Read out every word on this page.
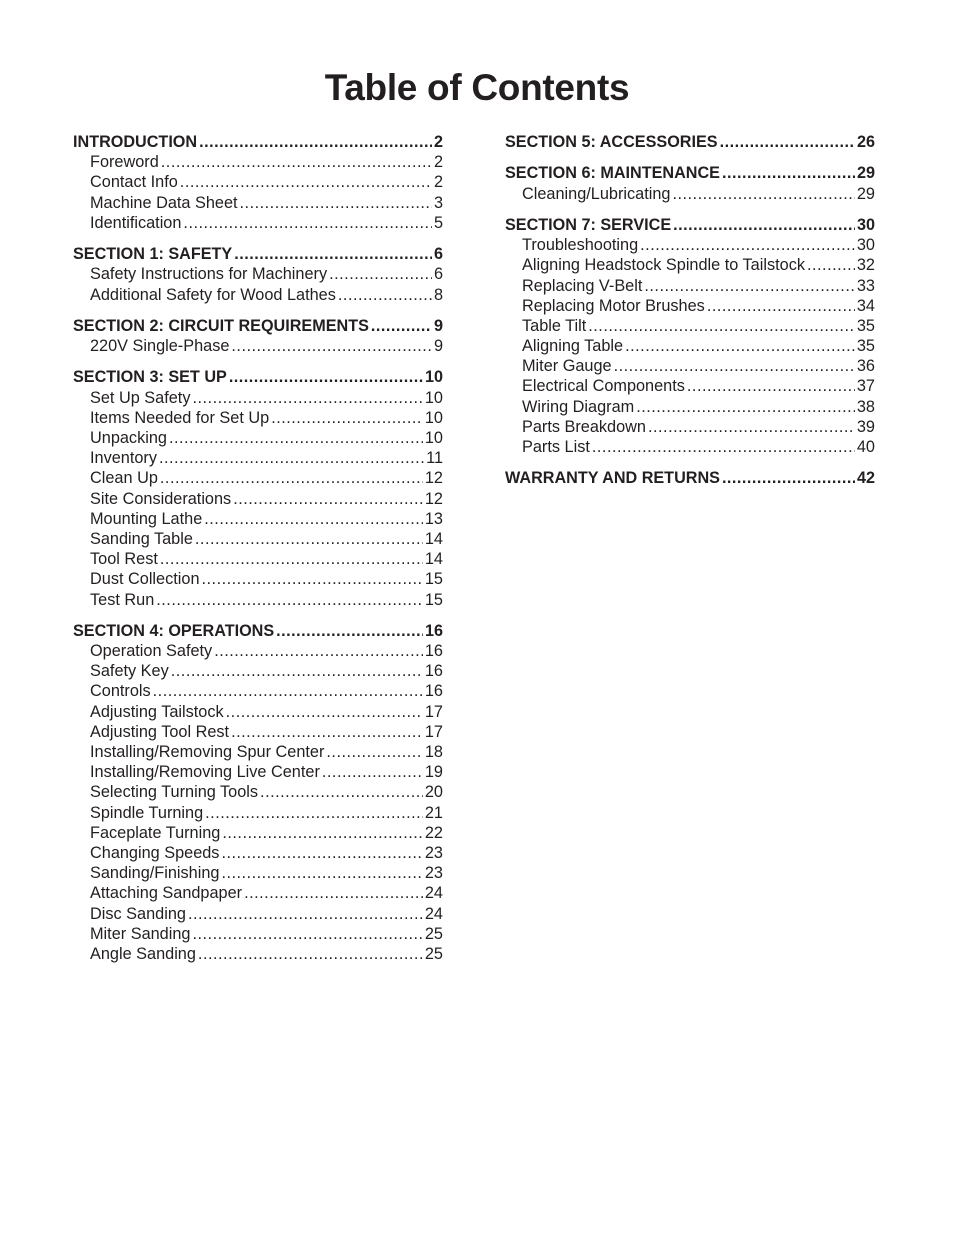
Table of Contents
INTRODUCTION .....	2
Foreword .....	2
Contact Info .....	2
Machine Data Sheet .....	3
Identification .....	5
SECTION 1: SAFETY .....	6
Safety Instructions for Machinery .....	6
Additional Safety for Wood Lathes .....	8
SECTION 2: CIRCUIT REQUIREMENTS .....	9
220V Single-Phase .....	9
SECTION 3: SET UP .....	10
Set Up Safety .....	10
Items Needed for Set Up .....	10
Unpacking .....	10
Inventory .....	11
Clean Up .....	12
Site Considerations .....	12
Mounting Lathe .....	13
Sanding Table .....	14
Tool Rest .....	14
Dust Collection .....	15
Test Run .....	15
SECTION 4: OPERATIONS .....	16
Operation Safety .....	16
Safety Key .....	16
Controls .....	16
Adjusting Tailstock .....	17
Adjusting Tool Rest .....	17
Installing/Removing Spur Center .....	18
Installing/Removing Live Center .....	19
Selecting Turning Tools .....	20
Spindle Turning .....	21
Faceplate Turning .....	22
Changing Speeds .....	23
Sanding/Finishing .....	23
Attaching Sandpaper .....	24
Disc Sanding .....	24
Miter Sanding .....	25
Angle Sanding .....	25
SECTION 5: ACCESSORIES .....	26
SECTION 6: MAINTENANCE .....	29
Cleaning/Lubricating .....	29
SECTION 7: SERVICE .....	30
Troubleshooting .....	30
Aligning Headstock Spindle to Tailstock .....	32
Replacing V-Belt .....	33
Replacing Motor Brushes .....	34
Table Tilt .....	35
Aligning Table .....	35
Miter Gauge .....	36
Electrical Components .....	37
Wiring Diagram .....	38
Parts Breakdown .....	39
Parts List .....	40
WARRANTY AND RETURNS .....	42
